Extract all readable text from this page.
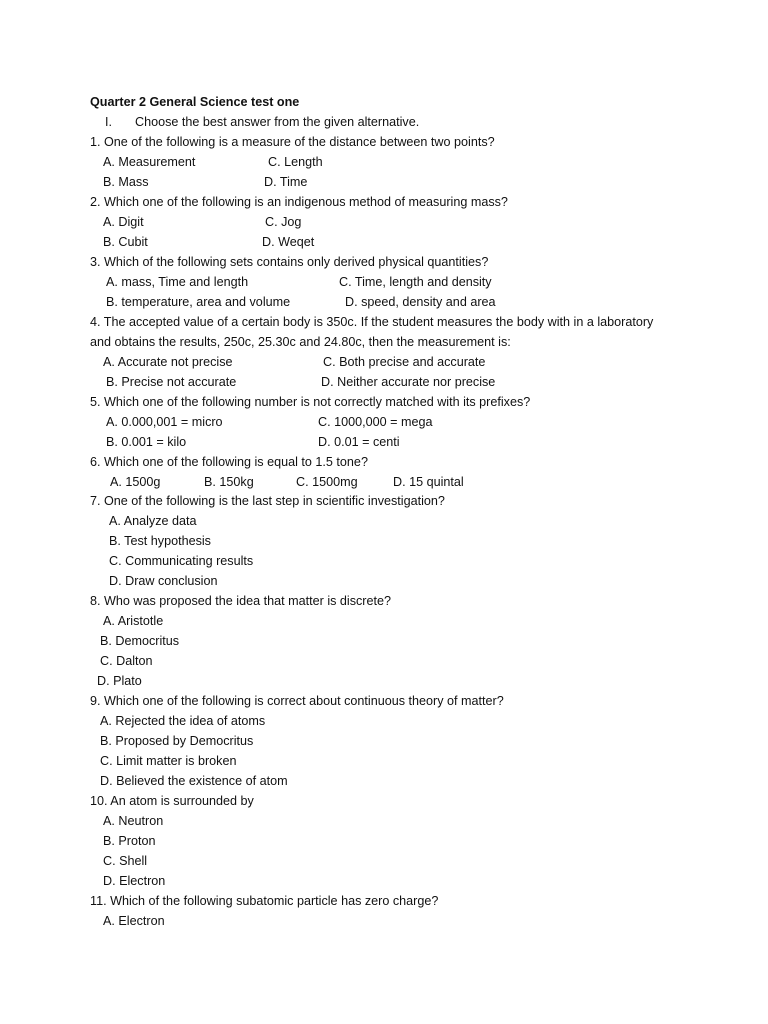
Quarter 2 General Science test one
I. Choose the best answer from the given alternative.
1. One of the following is a measure of the distance between two points?
A. Measurement	C. Length
B. Mass	D. Time
2. Which one of the following is an indigenous method of measuring mass?
A. Digit	C. Jog
B. Cubit	D. Weqet
3. Which of the following sets contains only derived physical quantities?
A. mass, Time and length	C. Time, length and density
B. temperature, area and volume	D. speed, density and area
4. The accepted value of a certain body is 350c. If the student measures the body with in a laboratory
and obtains the results, 250c, 25.30c and 24.80c, then the measurement is:
A. Accurate not precise	C. Both precise and accurate
B. Precise not accurate	D. Neither accurate nor precise
5. Which one of the following number is not correctly matched with its prefixes?
A. 0.000,001 = micro	C. 1000,000 = mega
B. 0.001 = kilo	D. 0.01 = centi
6. Which one of the following is equal to 1.5 tone?
A. 1500g	B. 150kg	C. 1500mg	D. 15 quintal
7. One of the following is the last step in scientific investigation?
A. Analyze data
B. Test hypothesis
C. Communicating results
D. Draw conclusion
8. Who was proposed the idea that matter is discrete?
A. Aristotle
B. Democritus
C. Dalton
D. Plato
9. Which one of the following is correct about continuous theory of matter?
A. Rejected the idea of atoms
B. Proposed by Democritus
C. Limit matter is broken
D. Believed the existence of atom
10. An atom is surrounded by
A. Neutron
B. Proton
C. Shell
D. Electron
11. Which of the following subatomic particle has zero charge?
A. Electron
